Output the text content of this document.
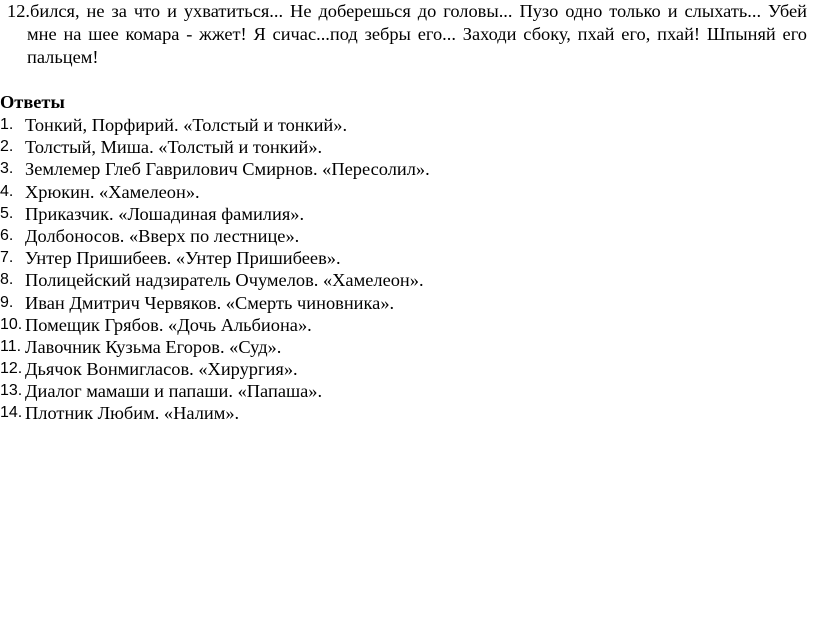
12. бился, не за что и ухватиться... Не доберешься до головы... Пузо одно только и слыхать... Убей
мне на шее комара - жжет! Я сичас...под зебры его... Заходи сбоку, пхай его, пхай! Шпыняй его
пальцем!
Ответы
1. Тонкий, Порфирий. «Толстый и тонкий».
2. Толстый, Миша. «Толстый и тонкий».
3. Землемер Глеб Гаврилович Смирнов. «Пересолил».
4. Хрюкин. «Хамелеон».
5. Приказчик. «Лошадиная фамилия».
6. Долбоносов. «Вверх по лестнице».
7. Унтер Пришибеев. «Унтер Пришибеев».
8. Полицейский надзиратель Очумелов. «Хамелеон».
9. Иван Дмитрич Червяков. «Смерть чиновника».
10. Помещик Грябов. «Дочь Альбиона».
11. Лавочник Кузьма Егоров. «Суд».
12. Дьячок Вонмигласов. «Хирургия».
13. Диалог мамаши и папаши. «Папаша».
14. Плотник Любим. «Налим».
